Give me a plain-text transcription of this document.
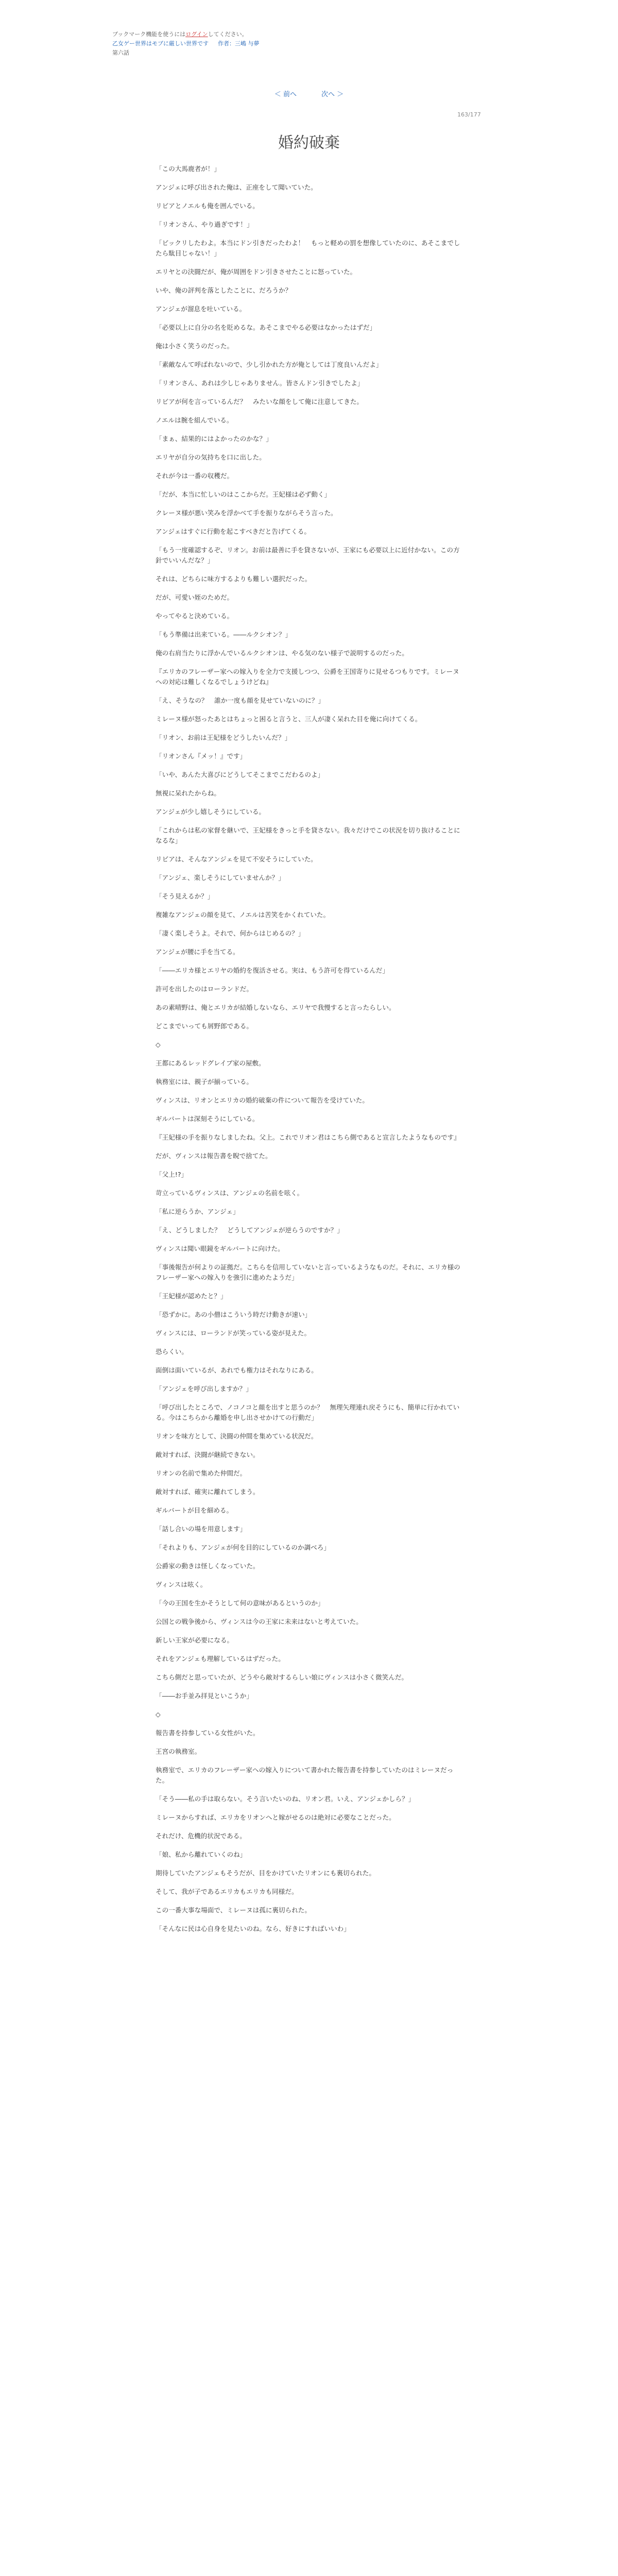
ブックマーク機能を使うにはログインしてください。
乙女ゲー世界はモブに厳しい世界です 作者：三嶋 与夢
第六話
＜ 前へ	次へ ＞
163/177
婚約破棄

「この大馬鹿者が！」

アンジェに呼び出された俺は、正座をして聞いていた。

リビアとノエルも俺を囲んでいる。

「リオンさん、やり過ぎです！」

「ビックリしたわよ。本当にドン引きだったわよ！　もっと軽めの罰を想像していたのに、あそこまでしたら駄目じゃない！」

エリヤとの決闘だが、俺が周囲をドン引きさせたことに怒っていた。

いや、俺の評判を落としたことに、だろうか？

アンジェが溜息を吐いている。

「必要以上に自分の名を貶めるな。あそこまでやる必要はなかったはずだ」

俺は小さく笑うのだった。

「素敵なんて呼ばれないので、少し引かれた方が俺としては丁度良いんだよ」

「リオンさん、あれは少しじゃありません。皆さんドン引きでしたよ」

リビアが何を言っているんだ？　みたいな顔をして俺に注意してきた。

ノエルは腕を組んでいる。

「まぁ、結果的にはよかったのかな？」

エリヤが自分の気持ちを口に出した。

それが今は一番の収穫だ。

「だが、本当に忙しいのはここからだ。王妃様は必ず動く」

クレーヌ様が悪い笑みを浮かべて手を振りながらそう言った。

アンジェはすぐに行動を起こすべきだと告げてくる。

「もう一度確認するぞ、リオン。お前は最善に手を貸さないが、王家にも必要以上に近付かない。この方針でいいんだな？」

それは、どちらに味方するよりも難しい選択だった。

だが、可愛い姪のためだ。

やってやると決めている。

「もう準備は出来ている。――ルクシオン？」

俺の右肩当たりに浮かんでいるルクシオンは、やる気のない様子で説明するのだった。

『エリカのフレーザー家への嫁入りを全力で支援しつつ、公爵を王国寄りに見せるつもりです。ミレーヌへの対応は難しくなるでしょうけどね』

「え、そうなの？　誰か一度も顔を見せていないのに？」

ミレーヌ様が怒ったあとはちょっと困ると言うと、三人が凄く呆れた目を俺に向けてくる。

「リオン、お前は王妃様をどうしたいんだ？」

「リオンさん『メッ！』です」

「いや、あんた大喜びにどうしてそこまでこだわるのよ」

無視に呆れたからね。

アンジェが少し嬉しそうにしている。

「これからは私の家督を継いで、王妃様をきっと手を貸さない。我々だけでこの状況を切り抜けることになるな」

リビアは、そんなアンジェを見て不安そうにしていた。

「アンジェ、楽しそうにしていませんか？」

「そう見えるか？」

複雑なアンジェの顔を見て、ノエルは苦笑をかくれていた。

「凄く楽しそうよ。それで、何からはじめるの？」

アンジェが腰に手を当てる。

「――エリカ様とエリヤの婚約を復活させる。実は、もう許可を得ているんだ」

許可を出したのはローランドだ。

あの素晴野は、俺とエリカが結婚しないなら、エリヤで我慢すると言ったらしい。

どこまでいっても屑野郎である。

◇

王都にあるレッドグレイブ家の屋敷。

執務室には、親子が揃っている。

ヴィンスは、リオンとエリカの婚約破棄の件について報告を受けていた。

ギルバートは深刻そうにしている。

『王妃様の手を振りなしましたね。父上。これでリオン君はこちら側であると宣言したようなものです』

だが、ヴィンスは報告書を睨で捨てた。

「父上!?」

苛立っているヴィンスは、アンジェの名前を呟く。

「私に逆らうか、アンジェ」

「え、どうしました？　どうしてアンジェが逆らうのですか？」

ヴィンスは聞い眼鏡をギルバートに向けた。

「事後報告が何よりの証拠だ。こちらを信用していないと言っているようなものだ。それに、エリカ様のフレーザー家への嫁入りを強引に進めたようだ」

「王妃様が認めたと？」

「恐ずかに。あの小僧はこういう時だけ動きが速い」

ヴィンスには、ローランドが笑っている姿が見えた。

恐らくい。

面倒は面いているが、あれでも権力はそれなりにある。

「アンジェを呼び出しますか？」

「呼び出したところで、ノコノコと顔を出すと思うのか？　無理矢理連れ戻そうにも、簡単に行かれている。今はこちらから離婚を申し出させかけての行動だ」

リオンを味方として、決闘の仲間を集めている状況だ。

敵対すれば、決闘が継続できない。

リオンの名前で集めた仲間だ。

敵対すれば、確実に離れてしまう。

ギルバートが目を細める。

「話し合いの場を用意します」

「それよりも、アンジェが何を目的にしているのか調べろ」

公爵家の動きは怪しくなっていた。

ヴィンスは呟く。

「今の王国を生かそうとして何の意味があるというのか」

公国との戦争後から、ヴィンスは今の王家に未来はないと考えていた。

新しい王家が必要になる。

それをアンジェも理解しているはずだった。

こちら側だと思っていたが、どうやら敵対するらしい娘にヴィンスは小さく微笑んだ。

「――お手並み拝見といこうか」

◇

報告書を持参している女性がいた。

王宮の執務室。

執務室で、エリカのフレーザー家への嫁入りについて書かれた報告書を持参していたのはミレーヌだった。

「そう――私の手は取らない。そう言いたいのね、リオン君。いえ、アンジェかしら？」

ミレーヌからすれば、エリカをリオンへと嫁がせるのは絶対に必要なことだった。

それだけ、危機的状況である。

「娘、私から離れていくのね」

期待していたアンジェもそうだが、目をかけていたリオンにも裏切られた。

そして、我が子であるエリカもエリカも同様だ。

この一番大事な場面で、ミレーヌは孤に裏切られた。

「そんなに民は心自身を見たいのね。なら、好きにすればいいわ」
